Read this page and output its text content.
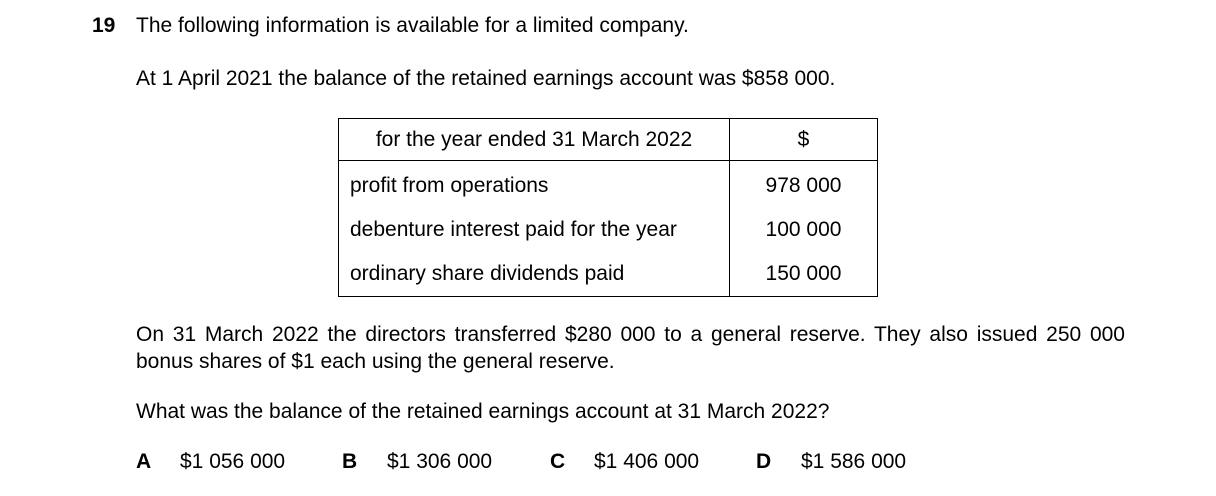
19 The following information is available for a limited company.
At 1 April 2021 the balance of the retained earnings account was $858 000.
for the year ended 31 March 2022	$
profit from operations	978 000
debenture interest paid for the year	100 000
ordinary share dividends paid	150 000
On 31 March 2022 the directors transferred $280 000 to a general reserve. They also issued 250 000 bonus shares of $1 each using the general reserve.
What was the balance of the retained earnings account at 31 March 2022?
A $1 056 000	B $1 306 000	C $1 406 000	D $1 586 000
